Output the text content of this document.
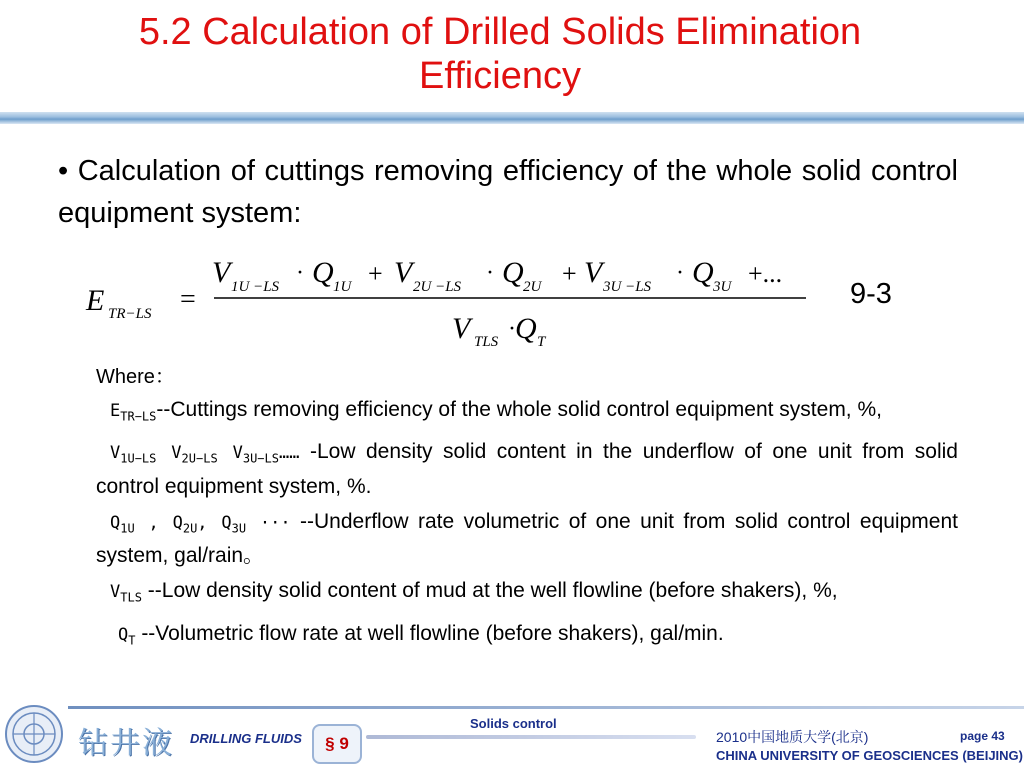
5.2 Calculation of Drilled Solids Elimination
Efficiency
• Calculation of cuttings removing efficiency of the whole solid control equipment system:
E TR−LS =
V 1U −LS
· Q 1U + V 2U −LS
· Q 2U + V 3U −LS
· Q 3U +...
V TLS · Q T
9-3
Where：
$E_{TR-LS}-$-Cuttings removing efficiency of the whole solid control equipment system, %,
$V_{1U-LS}$ $V_{2U-LS}$ $V_{3U-LS}\dots\dots$ -Low density solid content in the underflow of one unit from solid control equipment system, %.
$Q_{1U}$ , $Q_{2U}$, $Q_{3U}$ ··· --Underflow rate volumetric of one unit from solid control equipment system, gal/rain。
$V_{TLS}$ --Low density solid content of mud at the well flowline (before shakers), %,
$Q_T$ --Volumetric flow rate at well flowline (before shakers), gal/min.
钻井液 DRILLING FLUIDS	§ 9
Solids control
2010中国地质大学(北京)	page 43
CHINA UNIVERSITY OF GEOSCIENCES (BEIJING)
